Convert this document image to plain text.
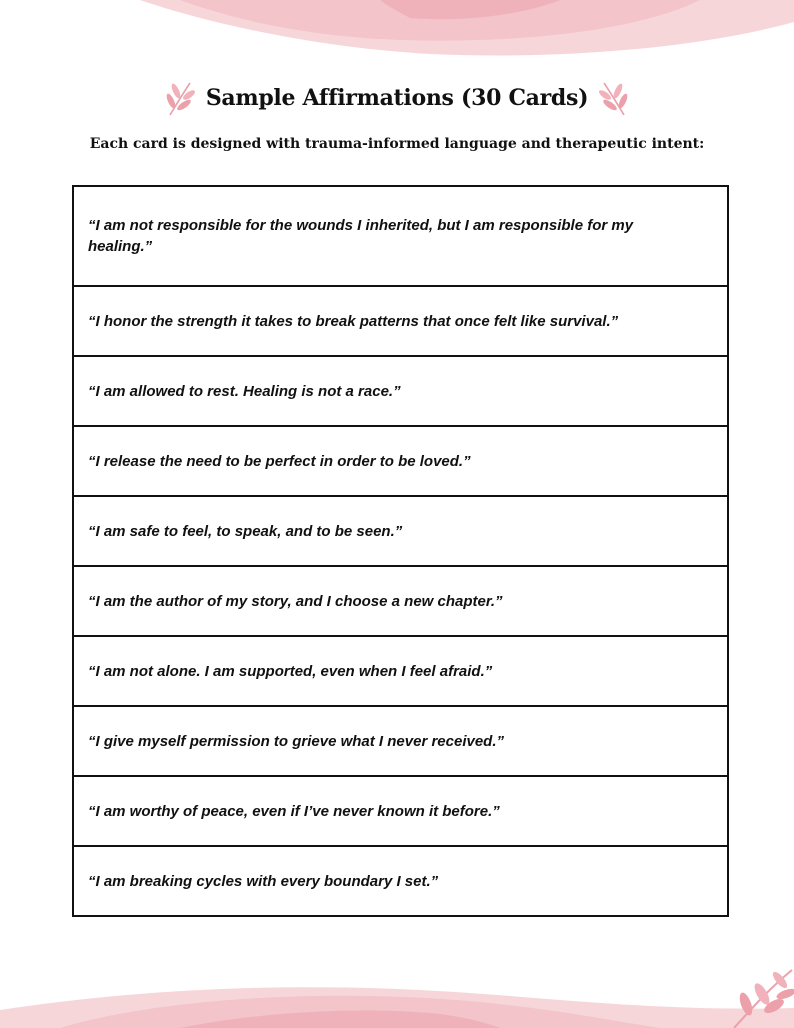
Sample Affirmations (30 Cards)
Each card is designed with trauma-informed language and therapeutic intent:
“I am not responsible for the wounds I inherited, but I am responsible for my healing.”
“I honor the strength it takes to break patterns that once felt like survival.”
“I am allowed to rest. Healing is not a race.”
“I release the need to be perfect in order to be loved.”
“I am safe to feel, to speak, and to be seen.”
“I am the author of my story, and I choose a new chapter.”
“I am not alone. I am supported, even when I feel afraid.”
“I give myself permission to grieve what I never received.”
“I am worthy of peace, even if I’ve never known it before.”
“I am breaking cycles with every boundary I set.”
